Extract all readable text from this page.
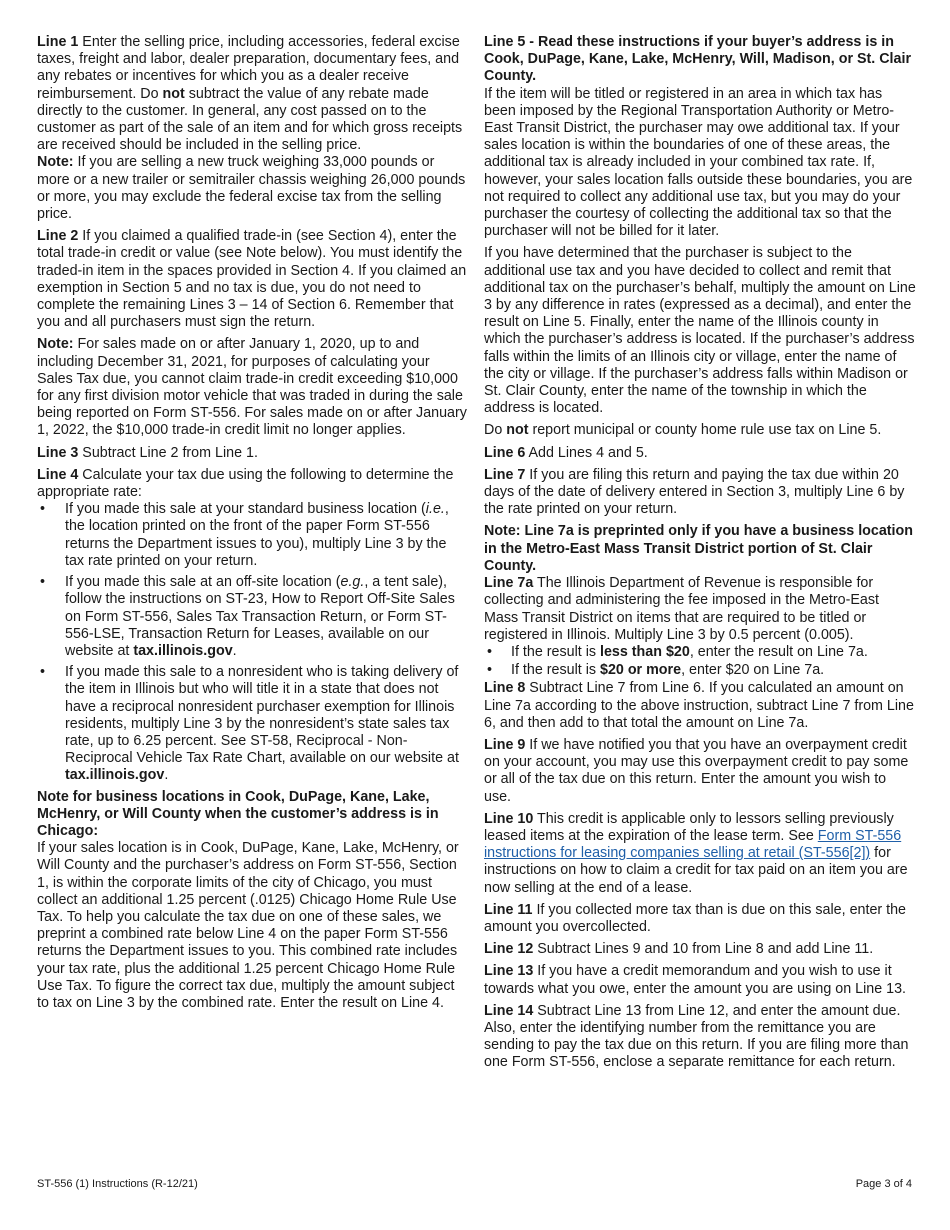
Line 1 Enter the selling price, including accessories, federal excise taxes, freight and labor, dealer preparation, documentary fees, and any rebates or incentives for which you as a dealer receive reimbursement. Do not subtract the value of any rebate made directly to the customer. In general, any cost passed on to the customer as part of the sale of an item and for which gross receipts are received should be included in the selling price.
Note: If you are selling a new truck weighing 33,000 pounds or more or a new trailer or semitrailer chassis weighing 26,000 pounds or more, you may exclude the federal excise tax from the selling price.

Line 2 If you claimed a qualified trade-in (see Section 4), enter the total trade-in credit or value (see Note below). You must identify the traded-in item in the spaces provided in Section 4. If you claimed an exemption in Section 5 and no tax is due, you do not need to complete the remaining Lines 3 – 14 of Section 6. Remember that you and all purchasers must sign the return.

Note: For sales made on or after January 1, 2020, up to and including December 31, 2021, for purposes of calculating your Sales Tax due, you cannot claim trade-in credit exceeding $10,000 for any first division motor vehicle that was traded in during the sale being reported on Form ST-556. For sales made on or after January 1, 2022, the $10,000 trade-in credit limit no longer applies.

Line 3 Subtract Line 2 from Line 1.

Line 4 Calculate your tax due using the following to determine the appropriate rate:

• If you made this sale at your standard business location (i.e., the location printed on the front of the paper Form ST-556 returns the Department issues to you), multiply Line 3 by the tax rate printed on your return.
• If you made this sale at an off-site location (e.g., a tent sale), follow the instructions on ST-23, How to Report Off-Site Sales on Form ST-556, Sales Tax Transaction Return, or Form ST-556-LSE, Transaction Return for Leases, available on our website at tax.illinois.gov.
• If you made this sale to a nonresident who is taking delivery of the item in Illinois but who will title it in a state that does not have a reciprocal nonresident purchaser exemption for Illinois residents, multiply Line 3 by the nonresident’s state sales tax rate, up to 6.25 percent. See ST-58, Reciprocal - Non-Reciprocal Vehicle Tax Rate Chart, available on our website at tax.illinois.gov.

Note for business locations in Cook, DuPage, Kane, Lake, McHenry, or Will County when the customer’s address is in Chicago:

If your sales location is in Cook, DuPage, Kane, Lake, McHenry, or Will County and the purchaser’s address on Form ST-556, Section 1, is within the corporate limits of the city of Chicago, you must collect an additional 1.25 percent (.0125) Chicago Home Rule Use Tax. To help you calculate the tax due on one of these sales, we preprint a combined rate below Line 4 on the paper Form ST-556 returns the Department issues to you. This combined rate includes your tax rate, plus the additional 1.25 percent Chicago Home Rule Use Tax. To figure the correct tax due, multiply the amount subject to tax on Line 3 by the combined rate. Enter the result on Line 4.

Line 5 - Read these instructions if your buyer’s address is in Cook, DuPage, Kane, Lake, McHenry, Will, Madison, or St. Clair County.

If the item will be titled or registered in an area in which tax has been imposed by the Regional Transportation Authority or Metro-East Transit District, the purchaser may owe additional tax. If your sales location is within the boundaries of one of these areas, the additional tax is already included in your combined tax rate. If, however, your sales location falls outside these boundaries, you are not required to collect any additional use tax, but you may do your purchaser the courtesy of collecting the additional tax so that the purchaser will not be billed for it later.

If you have determined that the purchaser is subject to the additional use tax and you have decided to collect and remit that additional tax on the purchaser’s behalf, multiply the amount on Line 3 by any difference in rates (expressed as a decimal), and enter the result on Line 5. Finally, enter the name of the Illinois county in which the purchaser’s address is located. If the purchaser’s address falls within the limits of an Illinois city or village, enter the name of the city or village. If the purchaser’s address falls within Madison or St. Clair County, enter the name of the township in which the address is located.

Do not report municipal or county home rule use tax on Line 5.

Line 6 Add Lines 4 and 5.

Line 7 If you are filing this return and paying the tax due within 20 days of the date of delivery entered in Section 3, multiply Line 6 by the rate printed on your return.

Note: Line 7a is preprinted only if you have a business location in the Metro-East Mass Transit District portion of St. Clair County.

Line 7a The Illinois Department of Revenue is responsible for collecting and administering the fee imposed in the Metro-East Mass Transit District on items that are required to be titled or registered in Illinois. Multiply Line 3 by 0.5 percent (0.005).

• If the result is less than $20, enter the result on Line 7a.
• If the result is $20 or more, enter $20 on Line 7a.

Line 8 Subtract Line 7 from Line 6. If you calculated an amount on Line 7a according to the above instruction, subtract Line 7 from Line 6, and then add to that total the amount on Line 7a.

Line 9 If we have notified you that you have an overpayment credit on your account, you may use this overpayment credit to pay some or all of the tax due on this return. Enter the amount you wish to use.

Line 10 This credit is applicable only to lessors selling previously leased items at the expiration of the lease term. See Form ST-556 instructions for leasing companies selling at retail (ST-556[2]) for instructions on how to claim a credit for tax paid on an item you are now selling at the end of a lease.

Line 11 If you collected more tax than is due on this sale, enter the amount you overcollected.

Line 12 Subtract Lines 9 and 10 from Line 8 and add Line 11.

Line 13 If you have a credit memorandum and you wish to use it towards what you owe, enter the amount you are using on Line 13.

Line 14 Subtract Line 13 from Line 12, and enter the amount due. Also, enter the identifying number from the remittance you are sending to pay the tax due on this return. If you are filing more than one Form ST-556, enclose a separate remittance for each return.

ST-556 (1) Instructions (R-12/21)	Page 3 of 4
